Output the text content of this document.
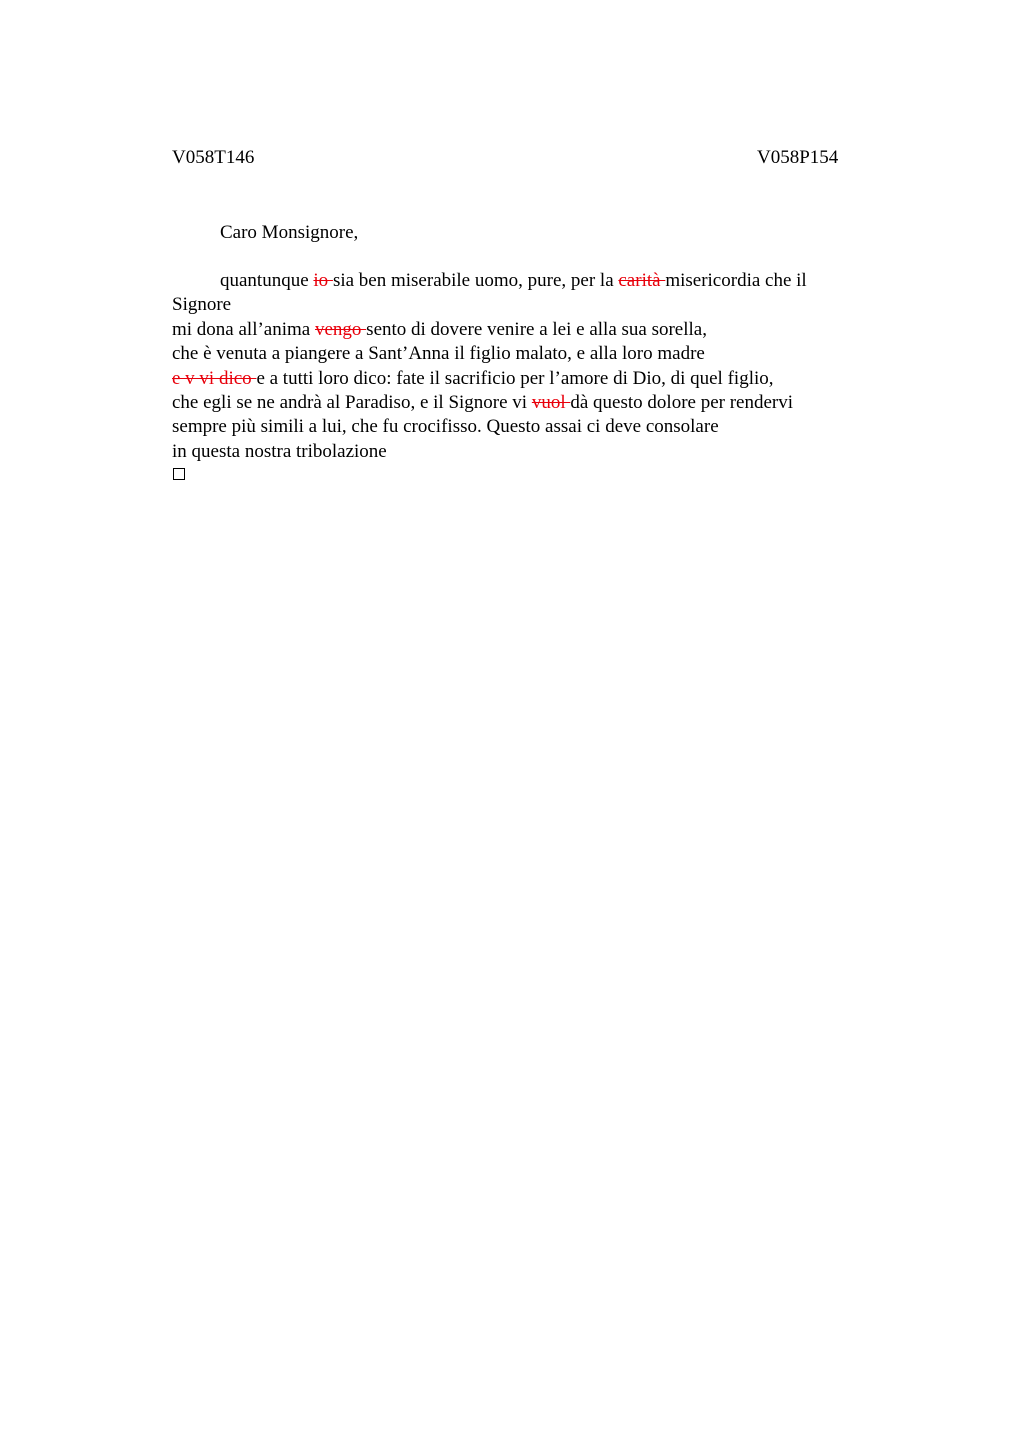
V058T146	V058P154
Caro Monsignore,
quantunque io sia ben miserabile uomo, pure, per la carità misericordia che il
Signore
mi dona all’anima vengo sento di dovere venire a lei e alla sua sorella,
che è venuta a piangere a Sant’Anna il figlio malato, e alla loro madre
e v vi dico e a tutti loro dico: fate il sacrificio per l’amore di Dio, di quel figlio,
che egli se ne andrà al Paradiso, e il Signore vi vuol dà questo dolore per rendervi
sempre più simili a lui, che fu crocifisso. Questo assai ci deve consolare
in questa nostra tribolazione
